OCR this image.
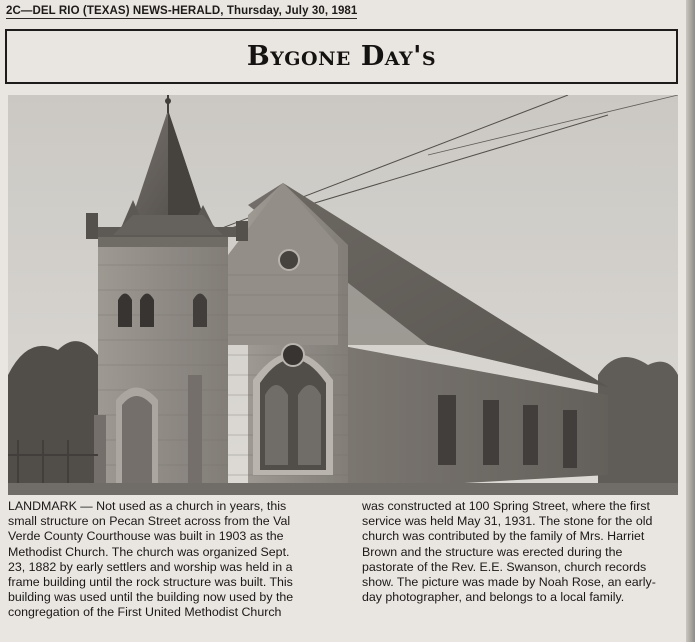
2C—DEL RIO (TEXAS) NEWS-HERALD, Thursday, July 30, 1981
Bygone Day's
LANDMARK — Not used as a church in years, this
small structure on Pecan Street across from the Val
Verde County Courthouse was built in 1903 as the
Methodist Church. The church was organized Sept.
23, 1882 by early settlers and worship was held in a
frame building until the rock structure was built. This
building was used until the building now used by the
congregation of the First United Methodist Church
was constructed at 100 Spring Street, where the first
service was held May 31, 1931. The stone for the old
church was contributed by the family of Mrs. Harriet
Brown and the structure was erected during the
pastorate of the Rev. E.E. Swanson, church records
show. The picture was made by Noah Rose, an early-
day photographer, and belongs to a local family.
